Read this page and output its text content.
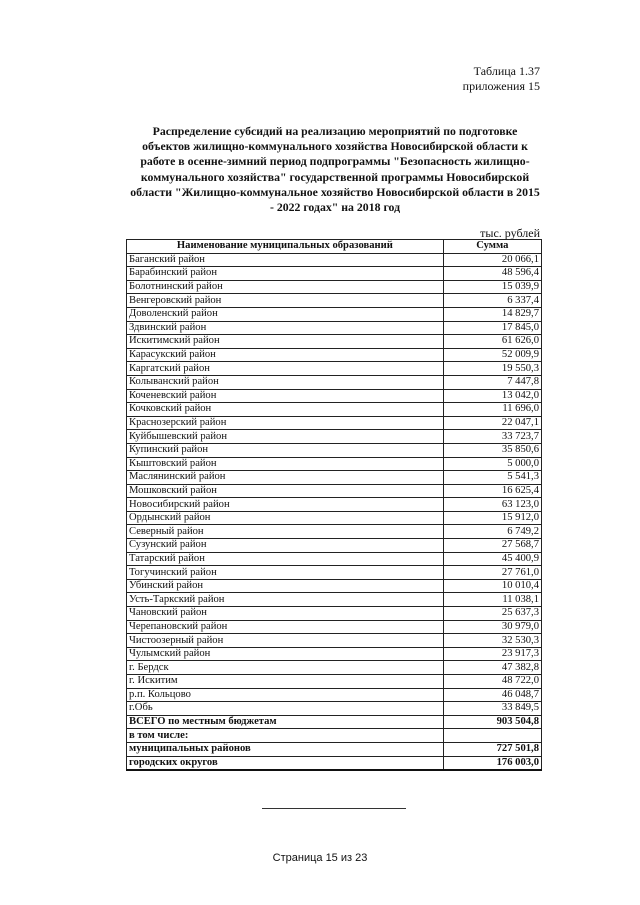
Таблица 1.37
приложения 15
Распределение субсидий на реализацию мероприятий по подготовке объектов жилищно-коммунального хозяйства Новосибирской области к работе в осенне-зимний период подпрограммы "Безопасность жилищно-коммунального хозяйства" государственной программы Новосибирской области "Жилищно-коммунальное хозяйство Новосибирской области в 2015 - 2022 годах" на 2018 год
тыс. рублей
Наименование муниципальных образований	Сумма
Баганский район	20 066,1
Барабинский район	48 596,4
Болотнинский район	15 039,9
Венгеровский район	6 337,4
Доволенский район	14 829,7
Здвинский район	17 845,0
Искитимский район	61 626,0
Карасукский район	52 009,9
Каргатский район	19 550,3
Колыванский район	7 447,8
Коченевский район	13 042,0
Кочковский район	11 696,0
Краснозерский район	22 047,1
Куйбышевский район	33 723,7
Купинский район	35 850,6
Кыштовский район	5 000,0
Маслянинский район	5 541,3
Мошковский район	16 625,4
Новосибирский район	63 123,0
Ордынский район	15 912,0
Северный район	6 749,2
Сузунский район	27 568,7
Татарский район	45 400,9
Тогучинский район	27 761,0
Убинский район	10 010,4
Усть-Таркский район	11 038,1
Чановский район	25 637,3
Черепановский район	30 979,0
Чистоозерный район	32 530,3
Чулымский район	23 917,3
г. Бердск	47 382,8
г. Искитим	48 722,0
р.п. Кольцово	46 048,7
г.Обь	33 849,5
ВСЕГО по местным бюджетам	903 504,8
в том числе:	
муниципальных районов	727 501,8
городских округов	176 003,0
Страница 15 из 23
